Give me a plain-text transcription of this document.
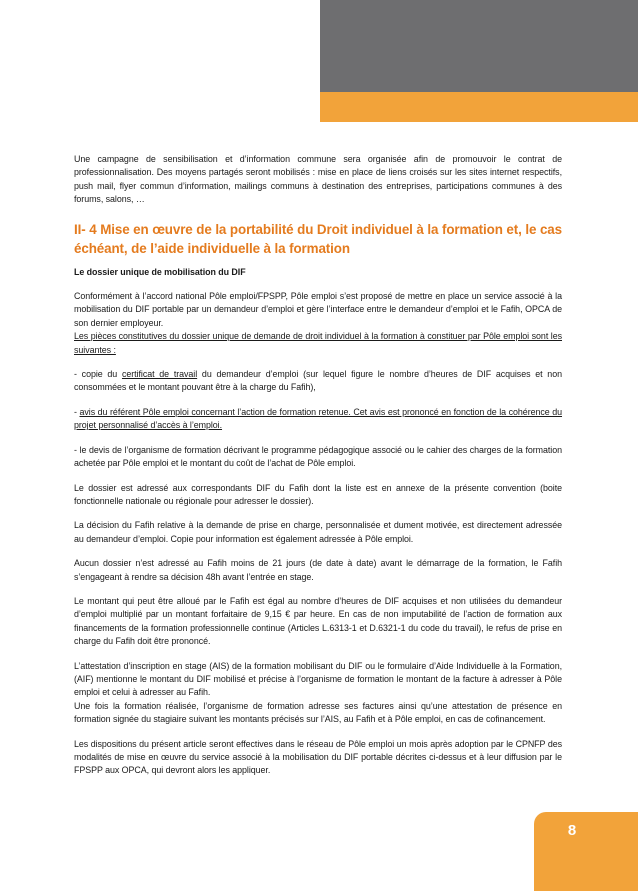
Une campagne de sensibilisation et d’information commune sera organisée afin de promouvoir le contrat de professionnalisation. Des moyens partagés seront mobilisés : mise en place de liens croisés sur les sites internet respectifs, push mail, flyer commun d’information, mailings communs à destination des entreprises, participations communes à des forums, salons, …

II- 4 Mise en œuvre de la portabilité du Droit individuel à la formation et, le cas échéant, de l’aide individuelle à la formation

Le dossier unique de mobilisation du DIF

Conformément à l’accord national Pôle emploi/FPSPP, Pôle emploi s’est proposé de mettre en place un service associé à la mobilisation du DIF portable par un demandeur d’emploi et gère l’interface entre le demandeur d’emploi et le Fafih, OPCA de son dernier employeur.

Les pièces constitutives du dossier unique de demande de droit individuel à la formation à constituer par Pôle emploi sont les suivantes :

- copie du certificat de travail du demandeur d’emploi (sur lequel figure le nombre d’heures de DIF acquises et non consommées et le montant pouvant être à la charge du Fafih),

- avis du référent Pôle emploi concernant l’action de formation retenue. Cet avis est prononcé en fonction de la cohérence du projet personnalisé d’accès à l’emploi.

- le devis de l’organisme de formation décrivant le programme pédagogique associé ou le cahier des charges de la formation achetée par Pôle emploi et le montant du coût de l’achat de Pôle emploi.

Le dossier est adressé aux correspondants DIF du Fafih dont la liste est en annexe de la présente convention (boite fonctionnelle nationale ou régionale pour adresser le dossier).

La décision du Fafih relative à la demande de prise en charge, personnalisée et dument motivée, est directement adressée au demandeur d’emploi. Copie pour information est également adressée à Pôle emploi.

Aucun dossier n’est adressé au Fafih moins de 21 jours (de date à date) avant le démarrage de la formation, le Fafih s’engageant à rendre sa décision 48h avant l’entrée en stage.

Le montant qui peut être alloué par le Fafih est égal au nombre d’heures de DIF acquises et non utilisées du demandeur d’emploi multiplié par un montant forfaitaire de 9,15 € par heure. En cas de non imputabilité de l’action de formation aux financements de la formation professionnelle continue (Articles L.6313-1 et D.6321-1 du code du travail), le refus de prise en charge du Fafih doit être prononcé.

L’attestation d’inscription en stage (AIS) de la formation mobilisant du DIF ou le formulaire d’Aide Individuelle à la Formation, (AIF) mentionne le montant du DIF mobilisé et précise à l’organisme de formation le montant de la facture à adresser à Pôle emploi et celui à adresser au Fafih.

Une fois la formation réalisée, l’organisme de formation adresse ses factures ainsi qu’une attestation de présence en formation signée du stagiaire suivant les montants précisés sur l’AIS, au Fafih et à Pôle emploi, en cas de cofinancement.

Les dispositions du présent article seront effectives dans le réseau de Pôle emploi un mois après adoption par le CPNFP des modalités de mise en œuvre du service associé à la mobilisation du DIF portable décrites ci-dessus et à leur diffusion par le FPSPP aux OPCA, qui devront alors les appliquer.

8
